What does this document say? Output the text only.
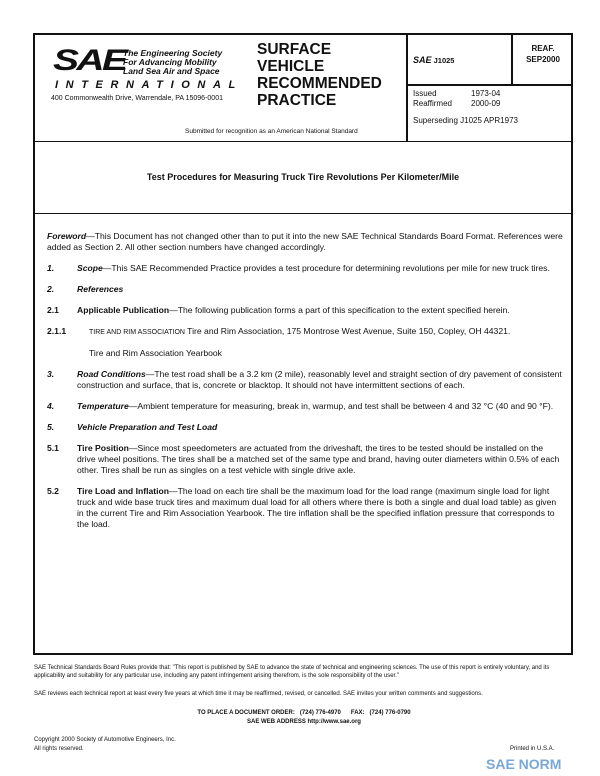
SAE
The Engineering Society
For Advancing Mobility
Land Sea Air and Space
INTERNATIONAL
400 Commonwealth Drive, Warrendale, PA 15096-0001
SURFACE
VEHICLE
RECOMMENDED
PRACTICE
Submitted for recognition as an American National Standard
SAE J1025
REAF.
SEP2000
Issued	1973-04
Reaffirmed 2000-09
Superseding J1025 APR1973
Test Procedures for Measuring Truck Tire Revolutions Per Kilometer/Mile
Foreword—This Document has not changed other than to put it into the new SAE Technical Standards Board Format. References were added as Section 2. All other section numbers have changed accordingly.
1.	Scope—This SAE Recommended Practice provides a test procedure for determining revolutions per mile for new truck tires.
2.	References
2.1	Applicable Publication—The following publication forms a part of this specification to the extent specified herein.
2.1.1	TIRE AND RIM ASSOCIATION Tire and Rim Association, 175 Montrose West Avenue, Suite 150, Copley, OH 44321.
Tire and Rim Association Yearbook
3.	Road Conditions—The test road shall be a 3.2 km (2 mile), reasonably level and straight section of dry pavement of consistent construction and surface, that is, concrete or blacktop. It should not have intermittent sections of each.
4.	Temperature—Ambient temperature for measuring, break in, warmup, and test shall be between 4 and 32 °C (40 and 90 °F).
5.	Vehicle Preparation and Test Load
5.1	Tire Position—Since most speedometers are actuated from the driveshaft, the tires to be tested should be installed on the drive wheel positions. The tires shall be a matched set of the same type and brand, having outer diameters within 0.5% of each other. Tires shall be run as singles on a test vehicle with single drive axle.
5.2	Tire Load and Inflation—The load on each tire shall be the maximum load for the load range (maximum single load for light truck and wide base truck tires and maximum dual load for all others where there is both a single and dual load table) as given in the current Tire and Rim Association Yearbook. The tire inflation shall be the specified inflation pressure that corresponds to the load.
SAE Technical Standards Board Rules provide that: "This report is published by SAE to advance the state of technical and engineering sciences. The use of this report is entirely voluntary, and its applicability and suitability for any particular use, including any patent infringement arising therefrom, is the sole responsibility of the user."
SAE reviews each technical report at least every five years at which time it may be reaffirmed, revised, or cancelled. SAE invites your written comments and suggestions.
TO PLACE A DOCUMENT ORDER:   (724) 776-4970      FAX:   (724) 776-0790
SAE WEB ADDRESS http://www.sae.org
Copyright 2000 Society of Automotive Engineers, Inc.
All rights reserved.	Printed in U.S.A.
SAE NORM
